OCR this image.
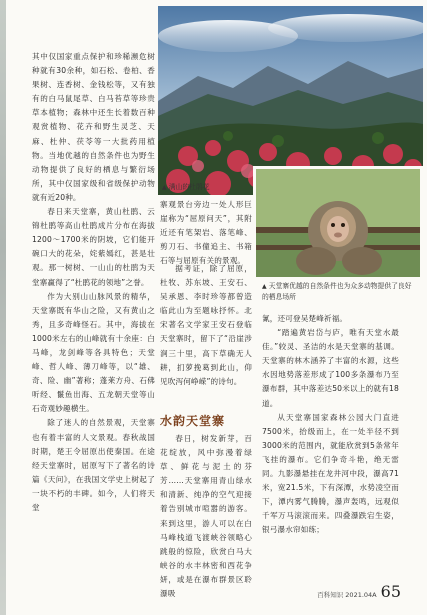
▲ 满山的杜鹃花
▲ 天堂寨优越的自然条件也为众多动物提供了良好的栖息场所

其中仅国家重点保护和珍稀濒危树种就有30余种，如石松、卷柏、香果树、连香树、金钱松等，又有独有的白马鼠尾草、白马苔草等珍贵草本植物；森林中还生长着数百种观赏植物、花卉和野生灵芝、天麻、杜仲、茯苓等一大批药用植物。当地优越的自然条件也为野生动物提供了良好的栖息与繁衍场所，其中仅国家级和省级保护动物就有近20种。

春日来天堂寨，黄山杜鹃、云锦杜鹃等高山杜鹃成片分布在海拔1200～1700米的阴坡，它们能开碗口大的花朵，姹紫嫣红，甚是壮观。那一树树、一山山的杜鹃为天堂寨赢得了“杜鹃花的领地”之誉。

作为大别山山脉风景的精华，天堂寨既有华山之险，又有黄山之秀，且多奇峰怪石。其中，海拔在1000米左右的山峰就有十余座：白马峰，龙剑峰等各具特色；天堂峰、哲人峰、薄刀峰等，以“雄、奇、险、幽”著称；蓬莱方舟、石佛听经、鬣鱼出海、五龙朝天堂等山石奇观妙趣横生。

除了迷人的自然景观，天堂寨也有着丰富的人文景观。春秋战国时期，楚王令屈原出使秦国。在途经天堂寨时，屈原写下了著名的诗篇《天问》，在我国文学史上树起了一块不朽的丰碑。如今，人们将天堂

寨观景台旁边一处人形巨崖称为“屈原问天”，其附近还有笔架岩、落笔峰、剪刀石、书僮追主、书箱石等与屈原有关的景观。

据考证，除了屈原，杜牧、苏东坡、王安石、吴承恩、李时珍等都曾造临此山为至题咏抒怀。北宋著名文学家王安石登临天堂寨时，留下了“沿崖涉涧三十里，高下草确无人耕，扪萝挽葛到此山，仰见吹泻何峥嵘”的诗句。

水韵天堂寨

春日，树发新芽，百花绽放，风中弥漫着绿草、鲜花与泥土的芬芳……天堂寨用青山绿水和清新、纯净的空气迎接着告别城市喧嚣的游客。来到这里，游人可以在白马峰栈道飞渡峡谷领略心跳般的惊险，欣赏白马大峡谷的水丰林密和西花争妍，或是在瀑布群景区聆瀑吸

氰，还可登吴楚峰祈福。

“踏遍黄岩岱与庐，唯有天堂水最佳。”较灵、圣洁的水是天堂寨的基调。天堂寨的林木涵养了丰富的水源，这些水因地势落差形成了100多条瀑布乃至瀑布群，其中落差达50米以上的就有18道。

从天堂寨国家森林公园大门直进7500米，抬级而上，在一处半径不到3000米的范围内，就能欣赏到5条常年飞挂的瀑布。它们争奇斗艳，绝无雷同。九影瀑悬挂在龙井河中段，瀑高71米，宽21.5米，下有深潭，水势凌空而下，潭内雾气腾腾，瀑声轰鸣，远观似千军万马滚滚而来。四叠瀑跌宕生姿，银弓瀑水帘如练；

百科知识 2021.04A 65
